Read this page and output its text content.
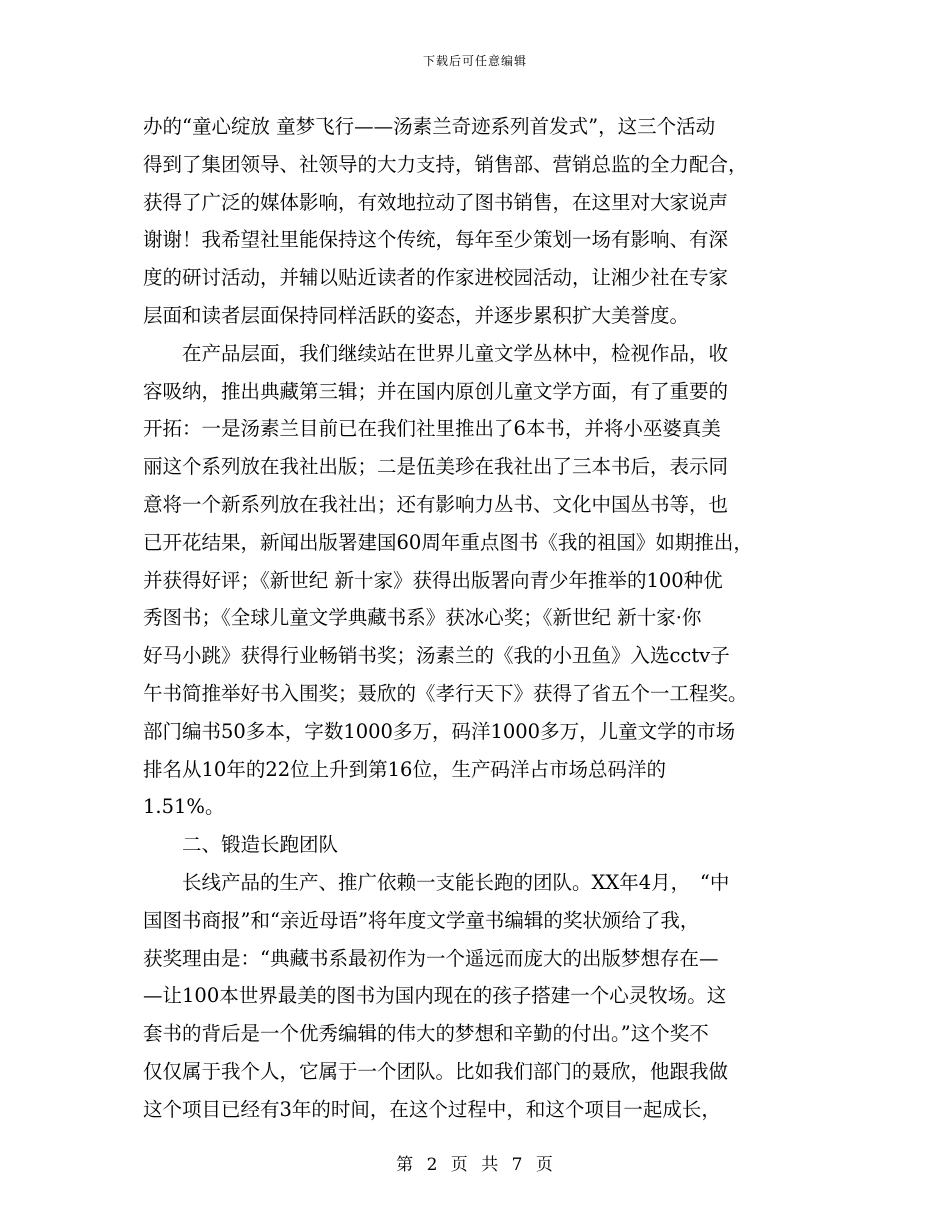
下载后可任意编辑
办的“童心绽放 童梦飞行——汤素兰奇迹系列首发式”，这三个活动
得到了集团领导、社领导的大力支持，销售部、营销总监的全力配合，
获得了广泛的媒体影响，有效地拉动了图书销售，在这里对大家说声
谢谢！我希望社里能保持这个传统，每年至少策划一场有影响、有深
度的研讨活动，并辅以贴近读者的作家进校园活动，让湘少社在专家
层面和读者层面保持同样活跃的姿态，并逐步累积扩大美誉度。
　　在产品层面，我们继续站在世界儿童文学丛林中，检视作品，收
容吸纳，推出典藏第三辑；并在国内原创儿童文学方面，有了重要的
开拓：一是汤素兰目前已在我们社里推出了6本书，并将小巫婆真美
丽这个系列放在我社出版；二是伍美珍在我社出了三本书后，表示同
意将一个新系列放在我社出；还有影响力丛书、文化中国丛书等，也
已开花结果，新闻出版署建国60周年重点图书《我的祖国》如期推出，
并获得好评；《新世纪 新十家》获得出版署向青少年推举的100种优
秀图书；《全球儿童文学典藏书系》获冰心奖；《新世纪 新十家·你
好马小跳》获得行业畅销书奖；汤素兰的《我的小丑鱼》入选cctv子
午书简推举好书入围奖；聂欣的《孝行天下》获得了省五个一工程奖。
部门编书50多本，字数1000多万，码洋1000多万，儿童文学的市场
排名从10年的22位上升到第16位，生产码洋占市场总码洋的
1.51%。
　　二、锻造长跑团队
　　长线产品的生产、推广依赖一支能长跑的团队。XX年4月，　“中
国图书商报”和“亲近母语”将年度文学童书编辑的奖状颁给了我，
获奖理由是：“典藏书系最初作为一个遥远而庞大的出版梦想存在—
—让100本世界最美的图书为国内现在的孩子搭建一个心灵牧场。这
套书的背后是一个优秀编辑的伟大的梦想和辛勤的付出。”这个奖不
仅仅属于我个人，它属于一个团队。比如我们部门的聂欣，他跟我做
这个项目已经有3年的时间，在这个过程中，和这个项目一起成长，
第 2 页 共 7 页
